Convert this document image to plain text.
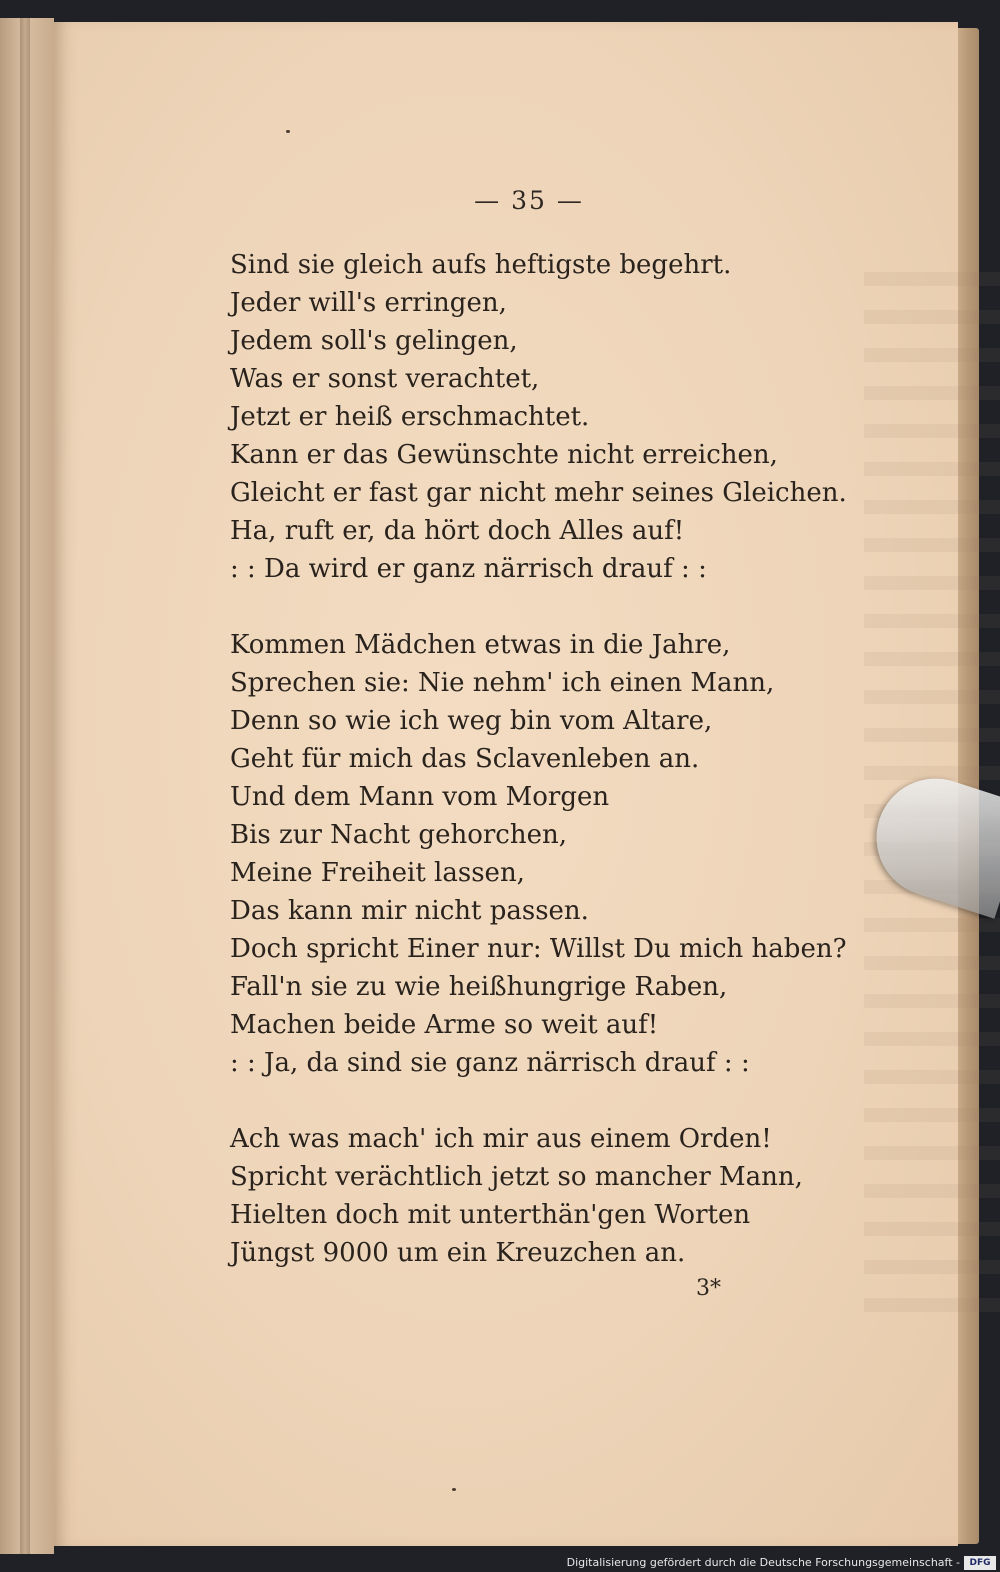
— 35 —
Sind sie gleich aufs heftigste begehrt.
Jeder will's erringen,
Jedem soll's gelingen,
Was er sonst verachtet,
Jetzt er heiß erschmachtet.
Kann er das Gewünschte nicht erreichen,
Gleicht er fast gar nicht mehr seines Gleichen.
Ha, ruft er, da hört doch Alles auf!
: : Da wird er ganz närrisch drauf : :
Kommen Mädchen etwas in die Jahre,
Sprechen sie: Nie nehm' ich einen Mann,
Denn so wie ich weg bin vom Altare,
Geht für mich das Sclavenleben an.
Und dem Mann vom Morgen
Bis zur Nacht gehorchen,
Meine Freiheit lassen,
Das kann mir nicht passen.
Doch spricht Einer nur: Willst Du mich haben?
Fall'n sie zu wie heißhungrige Raben,
Machen beide Arme so weit auf!
: : Ja, da sind sie ganz närrisch drauf : :
Ach was mach' ich mir aus einem Orden!
Spricht verächtlich jetzt so mancher Mann,
Hielten doch mit unterthän'gen Worten
Jüngst 9000 um ein Kreuzchen an.
3*
Digitalisierung gefördert durch die Deutsche Forschungsgemeinschaft -	DFG
